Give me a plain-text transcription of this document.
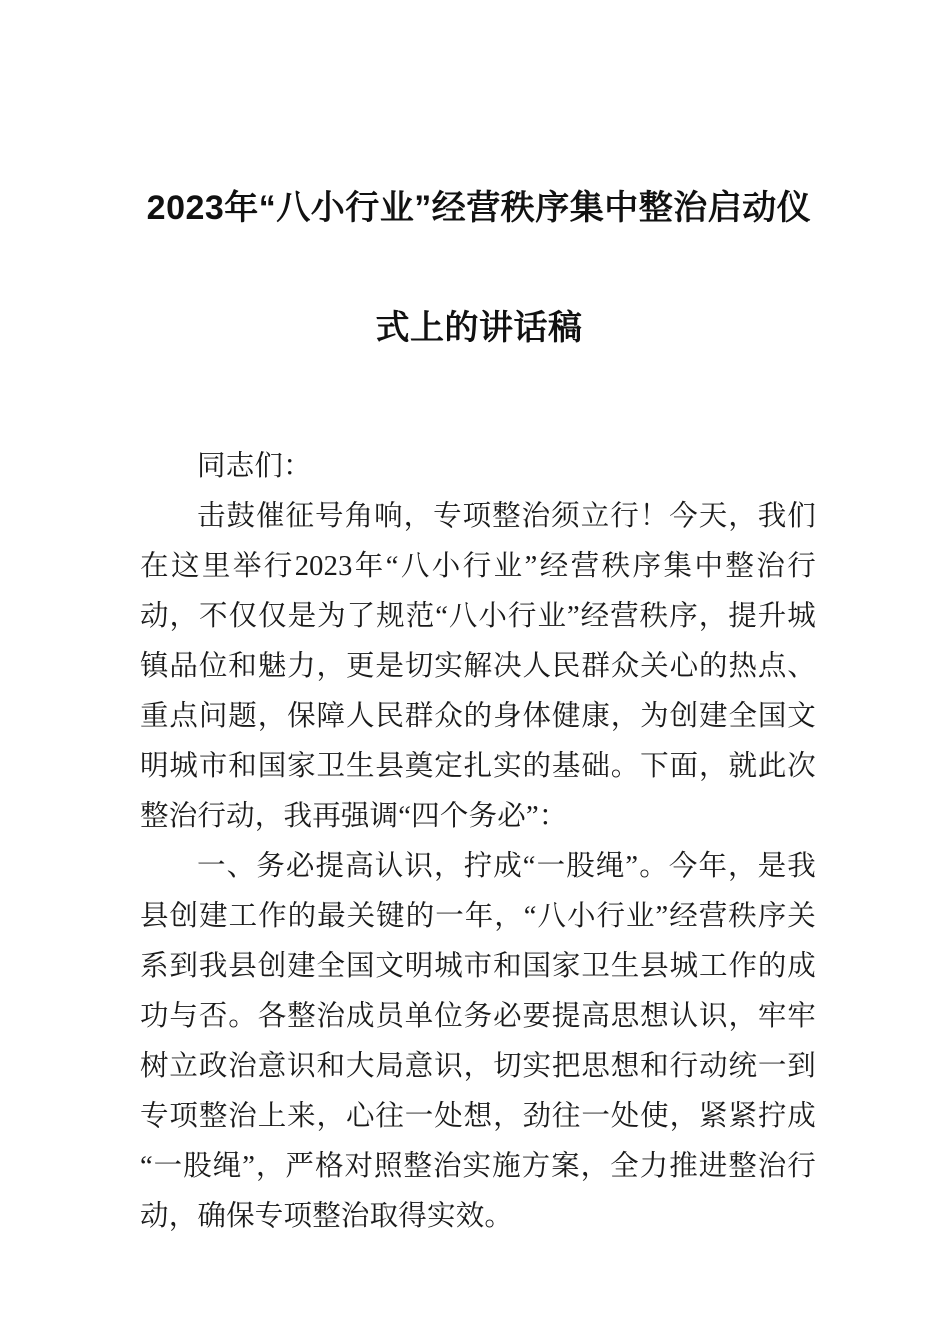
2023年“八小行业”经营秩序集中整治启动仪式上的讲话稿

同志们：

击鼓催征号角响，专项整治须立行！今天，我们在这里举行2023年“八小行业”经营秩序集中整治行动，不仅仅是为了规范“八小行业”经营秩序，提升城镇品位和魅力，更是切实解决人民群众关心的热点、重点问题，保障人民群众的身体健康，为创建全国文明城市和国家卫生县奠定扎实的基础。下面，就此次整治行动，我再强调“四个务必”：

一、务必提高认识，拧成“一股绳”。今年，是我县创建工作的最关键的一年，“八小行业”经营秩序关系到我县创建全国文明城市和国家卫生县城工作的成功与否。各整治成员单位务必要提高思想认识，牢牢树立政治意识和大局意识，切实把思想和行动统一到专项整治上来，心往一处想，劲往一处使，紧紧拧成“一股绳”，严格对照整治实施方案，全力推进整治行动，确保专项整治取得实效。
